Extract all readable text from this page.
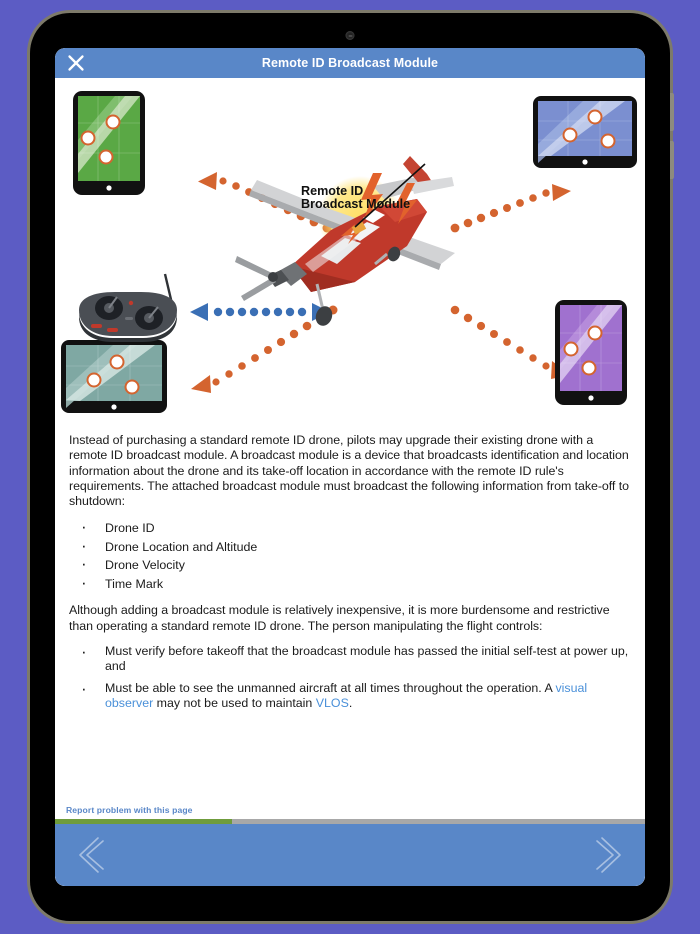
Remote ID Broadcast Module
Remote ID
Broadcast Module

Instead of purchasing a standard remote ID drone, pilots may upgrade their existing drone with a remote ID broadcast module. A broadcast module is a device that broadcasts identification and location information about the drone and its take-off location in accordance with the remote ID rule's requirements. The attached broadcast module must broadcast the following information from take-off to shutdown:

· Drone ID
· Drone Location and Altitude
· Drone Velocity
· Time Mark

Although adding a broadcast module is relatively inexpensive, it is more burdensome and restrictive than operating a standard remote ID drone. The person manipulating the flight controls:

· Must verify before takeoff that the broadcast module has passed the initial self-test at power up, and
· Must be able to see the unmanned aircraft at all times throughout the operation. A visual observer may not be used to maintain VLOS.
Report problem with this page
